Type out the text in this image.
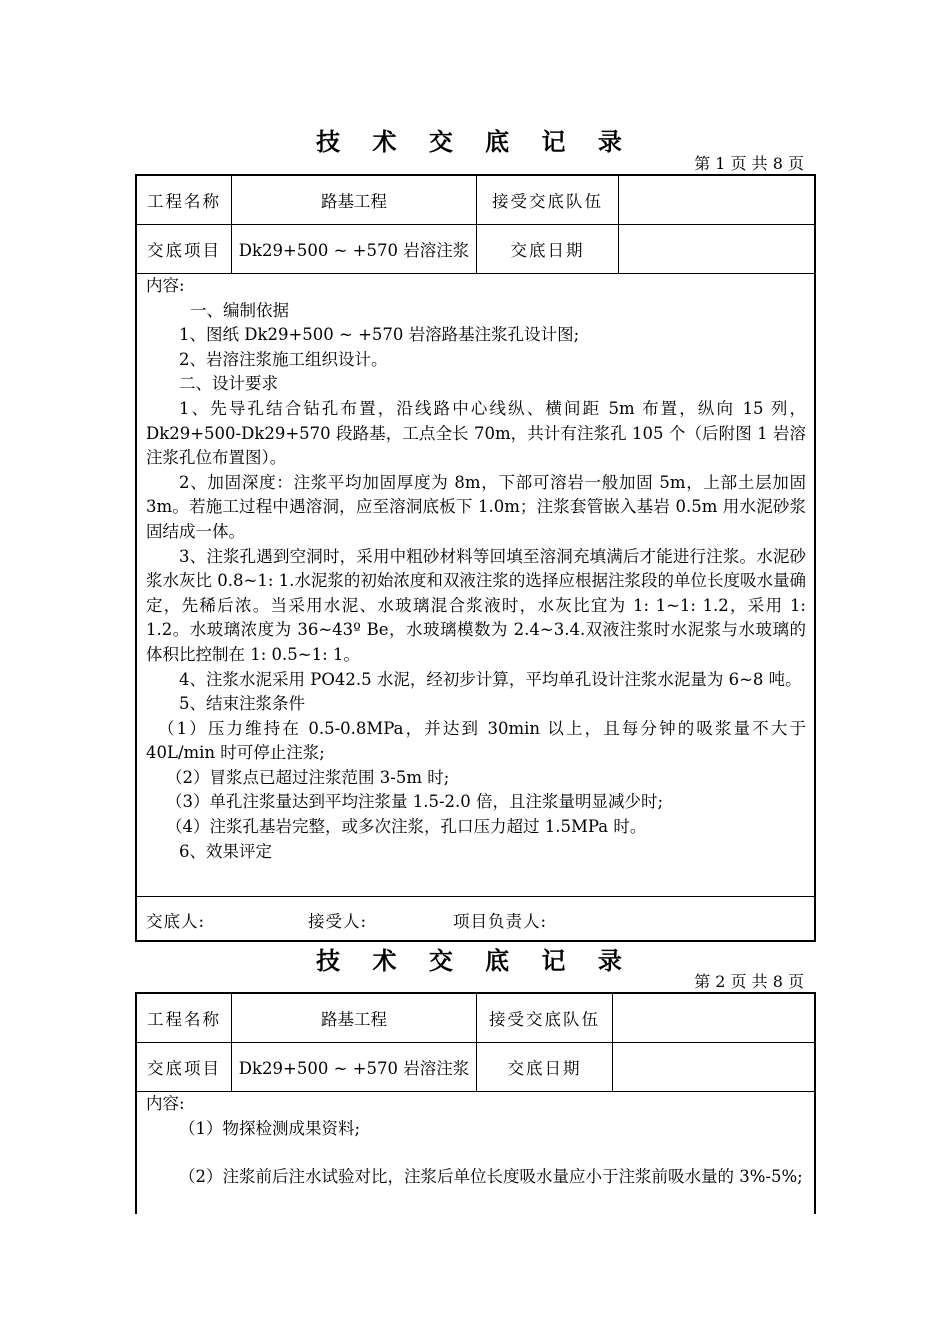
技 术 交 底 记 录
第 1 页 共 8 页
工程名称	路基工程	接受交底队伍
交底项目	Dk29+500 ~ +570 岩溶注浆	交底日期

内容:

一、编制依据

1、图纸 Dk29+500 ~ +570 岩溶路基注浆孔设计图;

2、岩溶注浆施工组织设计。

二、设计要求

1、先导孔结合钻孔布置，沿线路中心线纵、横间距 5m 布置，纵向 15 列，Dk29+500-Dk29+570 段路基，工点全长 70m，共计有注浆孔 105 个（后附图 1 岩溶注浆孔位布置图）。

2、加固深度：注浆平均加固厚度为 8m，下部可溶岩一般加固 5m，上部土层加固 3m。若施工过程中遇溶洞，应至溶洞底板下 1.0m；注浆套管嵌入基岩 0.5m 用水泥砂浆固结成一体。

3、注浆孔遇到空洞时，采用中粗砂材料等回填至溶洞充填满后才能进行注浆。水泥砂浆水灰比 0.8~1: 1.水泥浆的初始浓度和双液注浆的选择应根据注浆段的单位长度吸水量确定，先稀后浓。当采用水泥、水玻璃混合浆液时，水灰比宜为 1: 1~1: 1.2，采用 1: 1.2。水玻璃浓度为 36~43º Be，水玻璃模数为 2.4~3.4.双液注浆时水泥浆与水玻璃的体积比控制在 1: 0.5~1: 1。

4、注浆水泥采用 PO42.5 水泥，经初步计算，平均单孔设计注浆水泥量为 6~8 吨。

5、结束注浆条件

（1）压力维持在 0.5-0.8MPa，并达到 30min 以上，且每分钟的吸浆量不大于 40L/min 时可停止注浆;

（2）冒浆点已超过注浆范围 3-5m 时;

（3）单孔注浆量达到平均注浆量 1.5-2.0 倍，且注浆量明显减少时;

（4）注浆孔基岩完整，或多次注浆，孔口压力超过 1.5MPa 时。

6、效果评定

交底人:	接受人:	项目负责人:
技 术 交 底 记 录
第 2 页 共 8 页
工程名称	路基工程	接受交底队伍
交底项目	Dk29+500 ~ +570 岩溶注浆	交底日期

内容:

（1）物探检测成果资料;

（2）注浆前后注水试验对比，注浆后单位长度吸水量应小于注浆前吸水量的 3%-5%;
